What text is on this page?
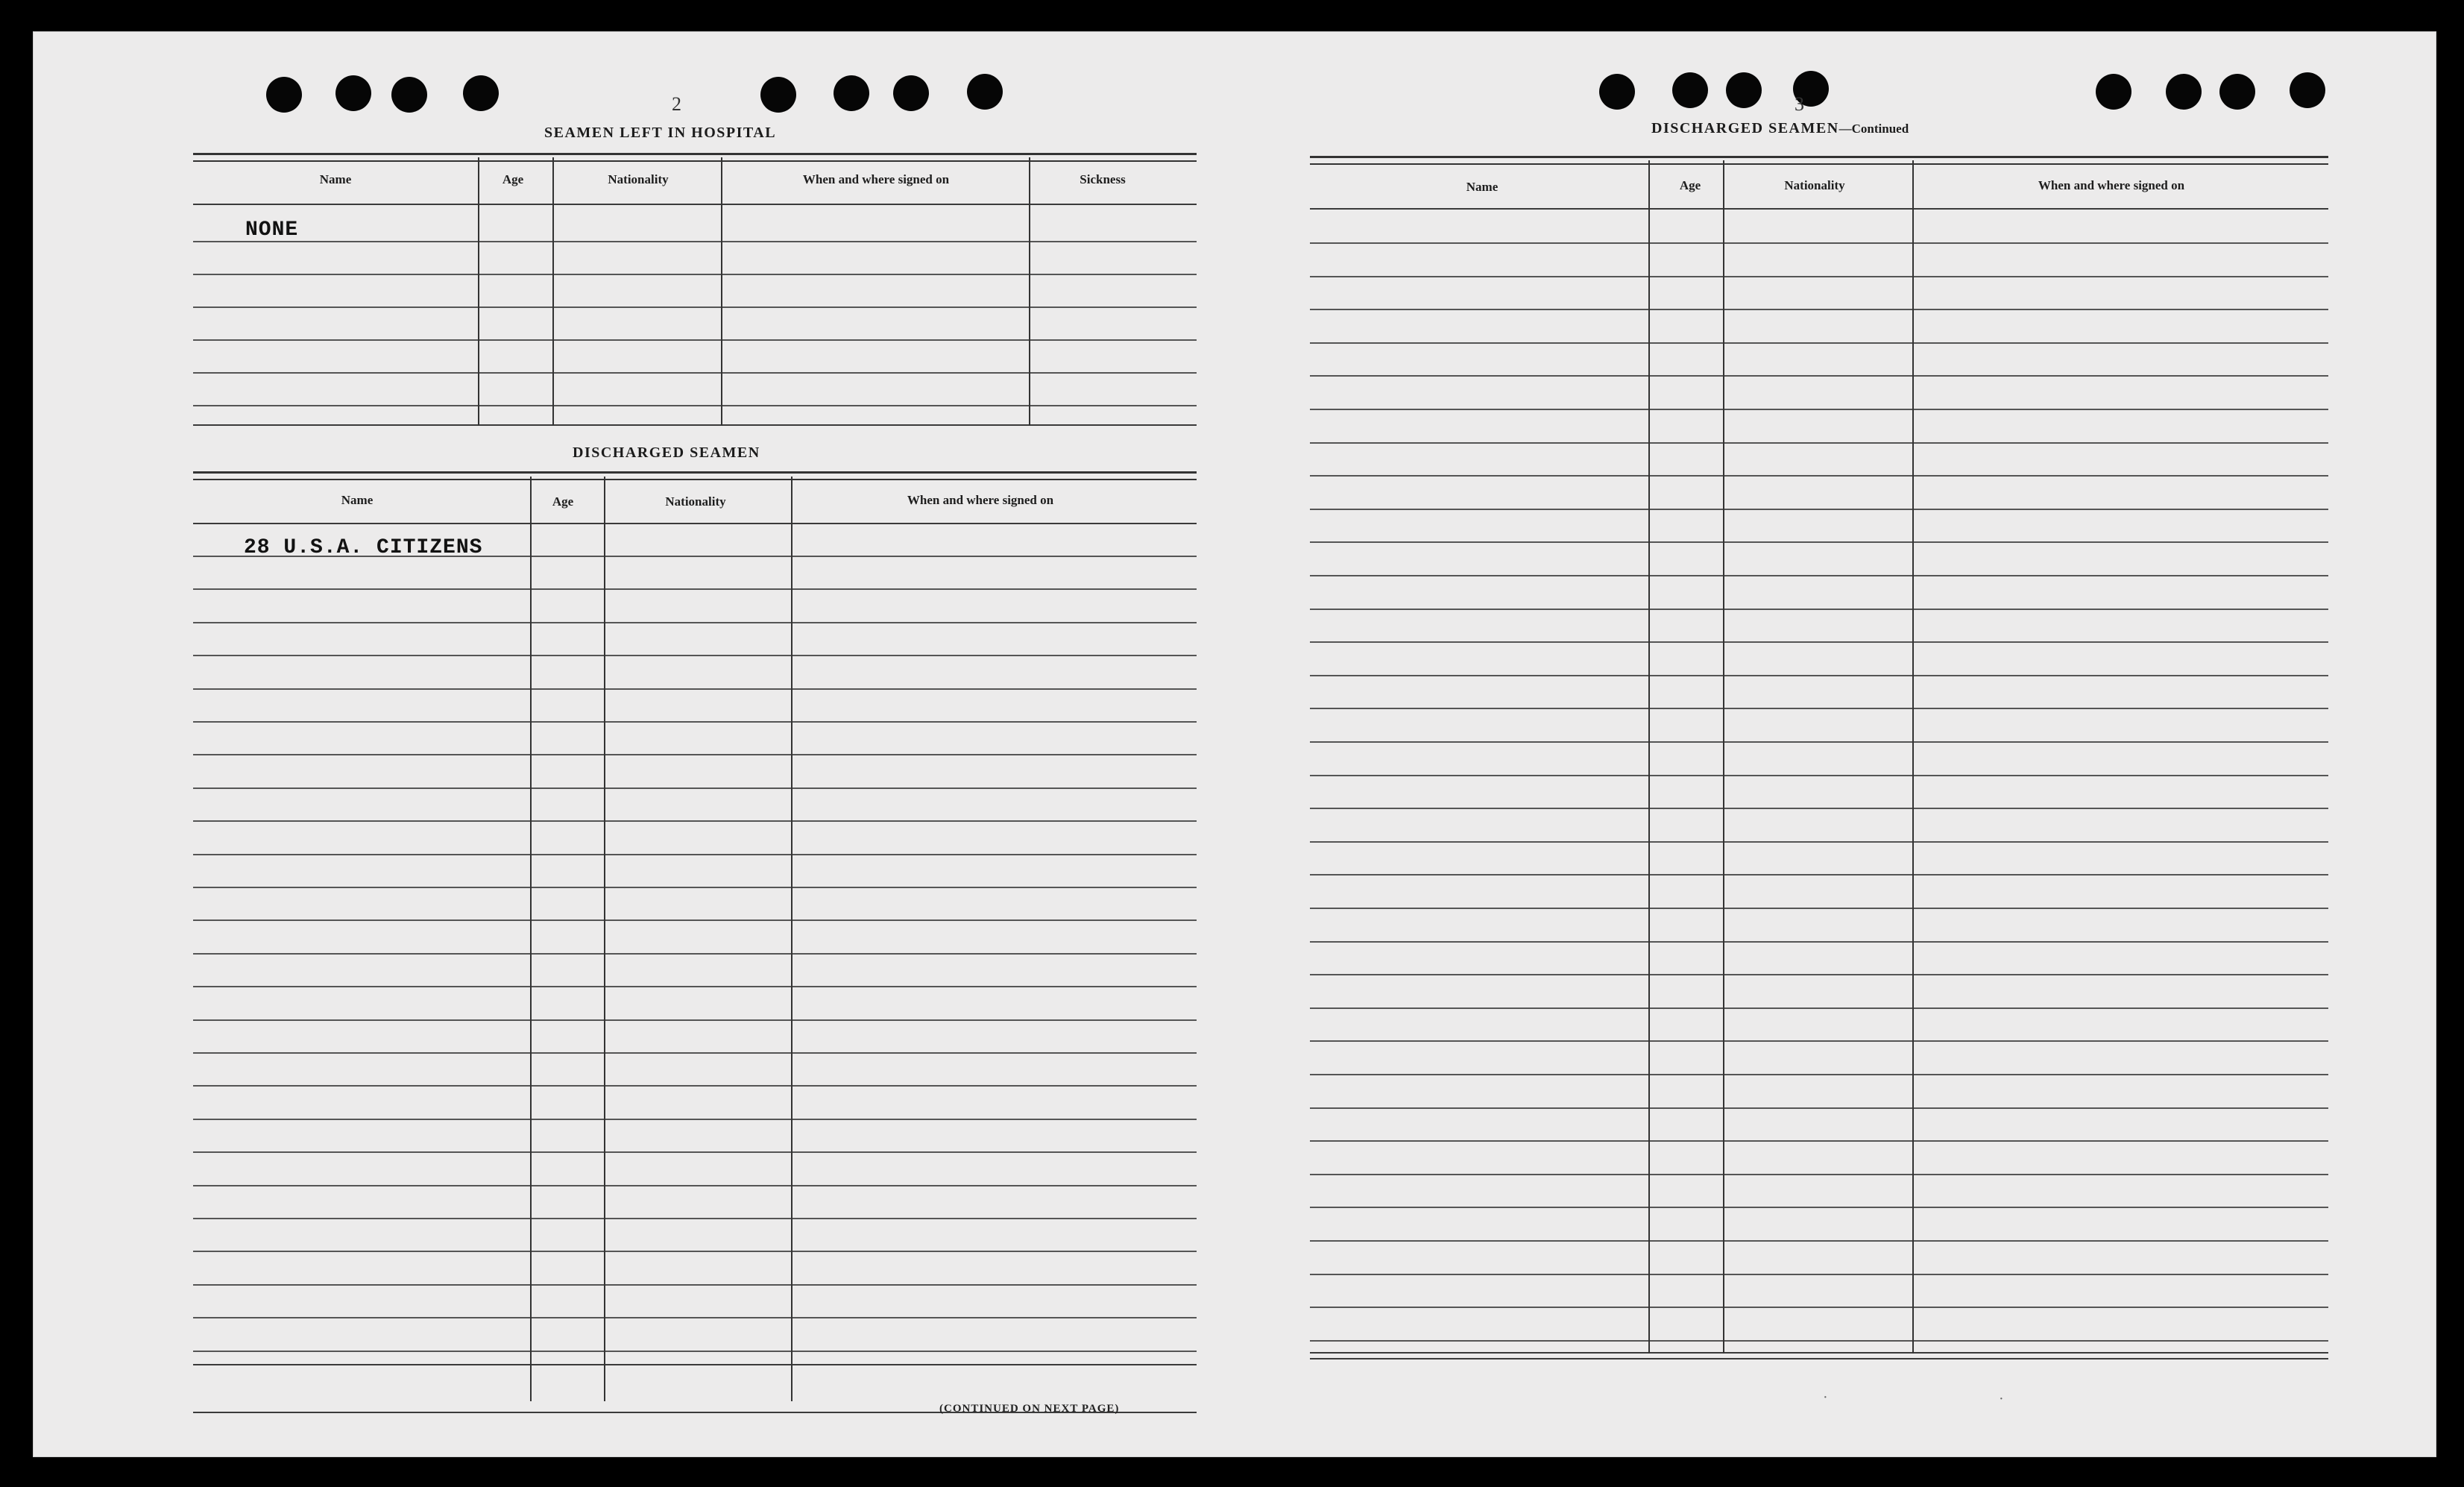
2
SEAMEN LEFT IN HOSPITAL
Name	Age	Nationality	When and where signed on	Sickness
NONE
DISCHARGED SEAMEN
Name	Age	Nationality	When and where signed on
28 U.S.A. CITIZENS
(CONTINUED ON NEXT PAGE)
3
DISCHARGED SEAMEN—Continued
Name	Age	Nationality	When and where signed on
·	·
